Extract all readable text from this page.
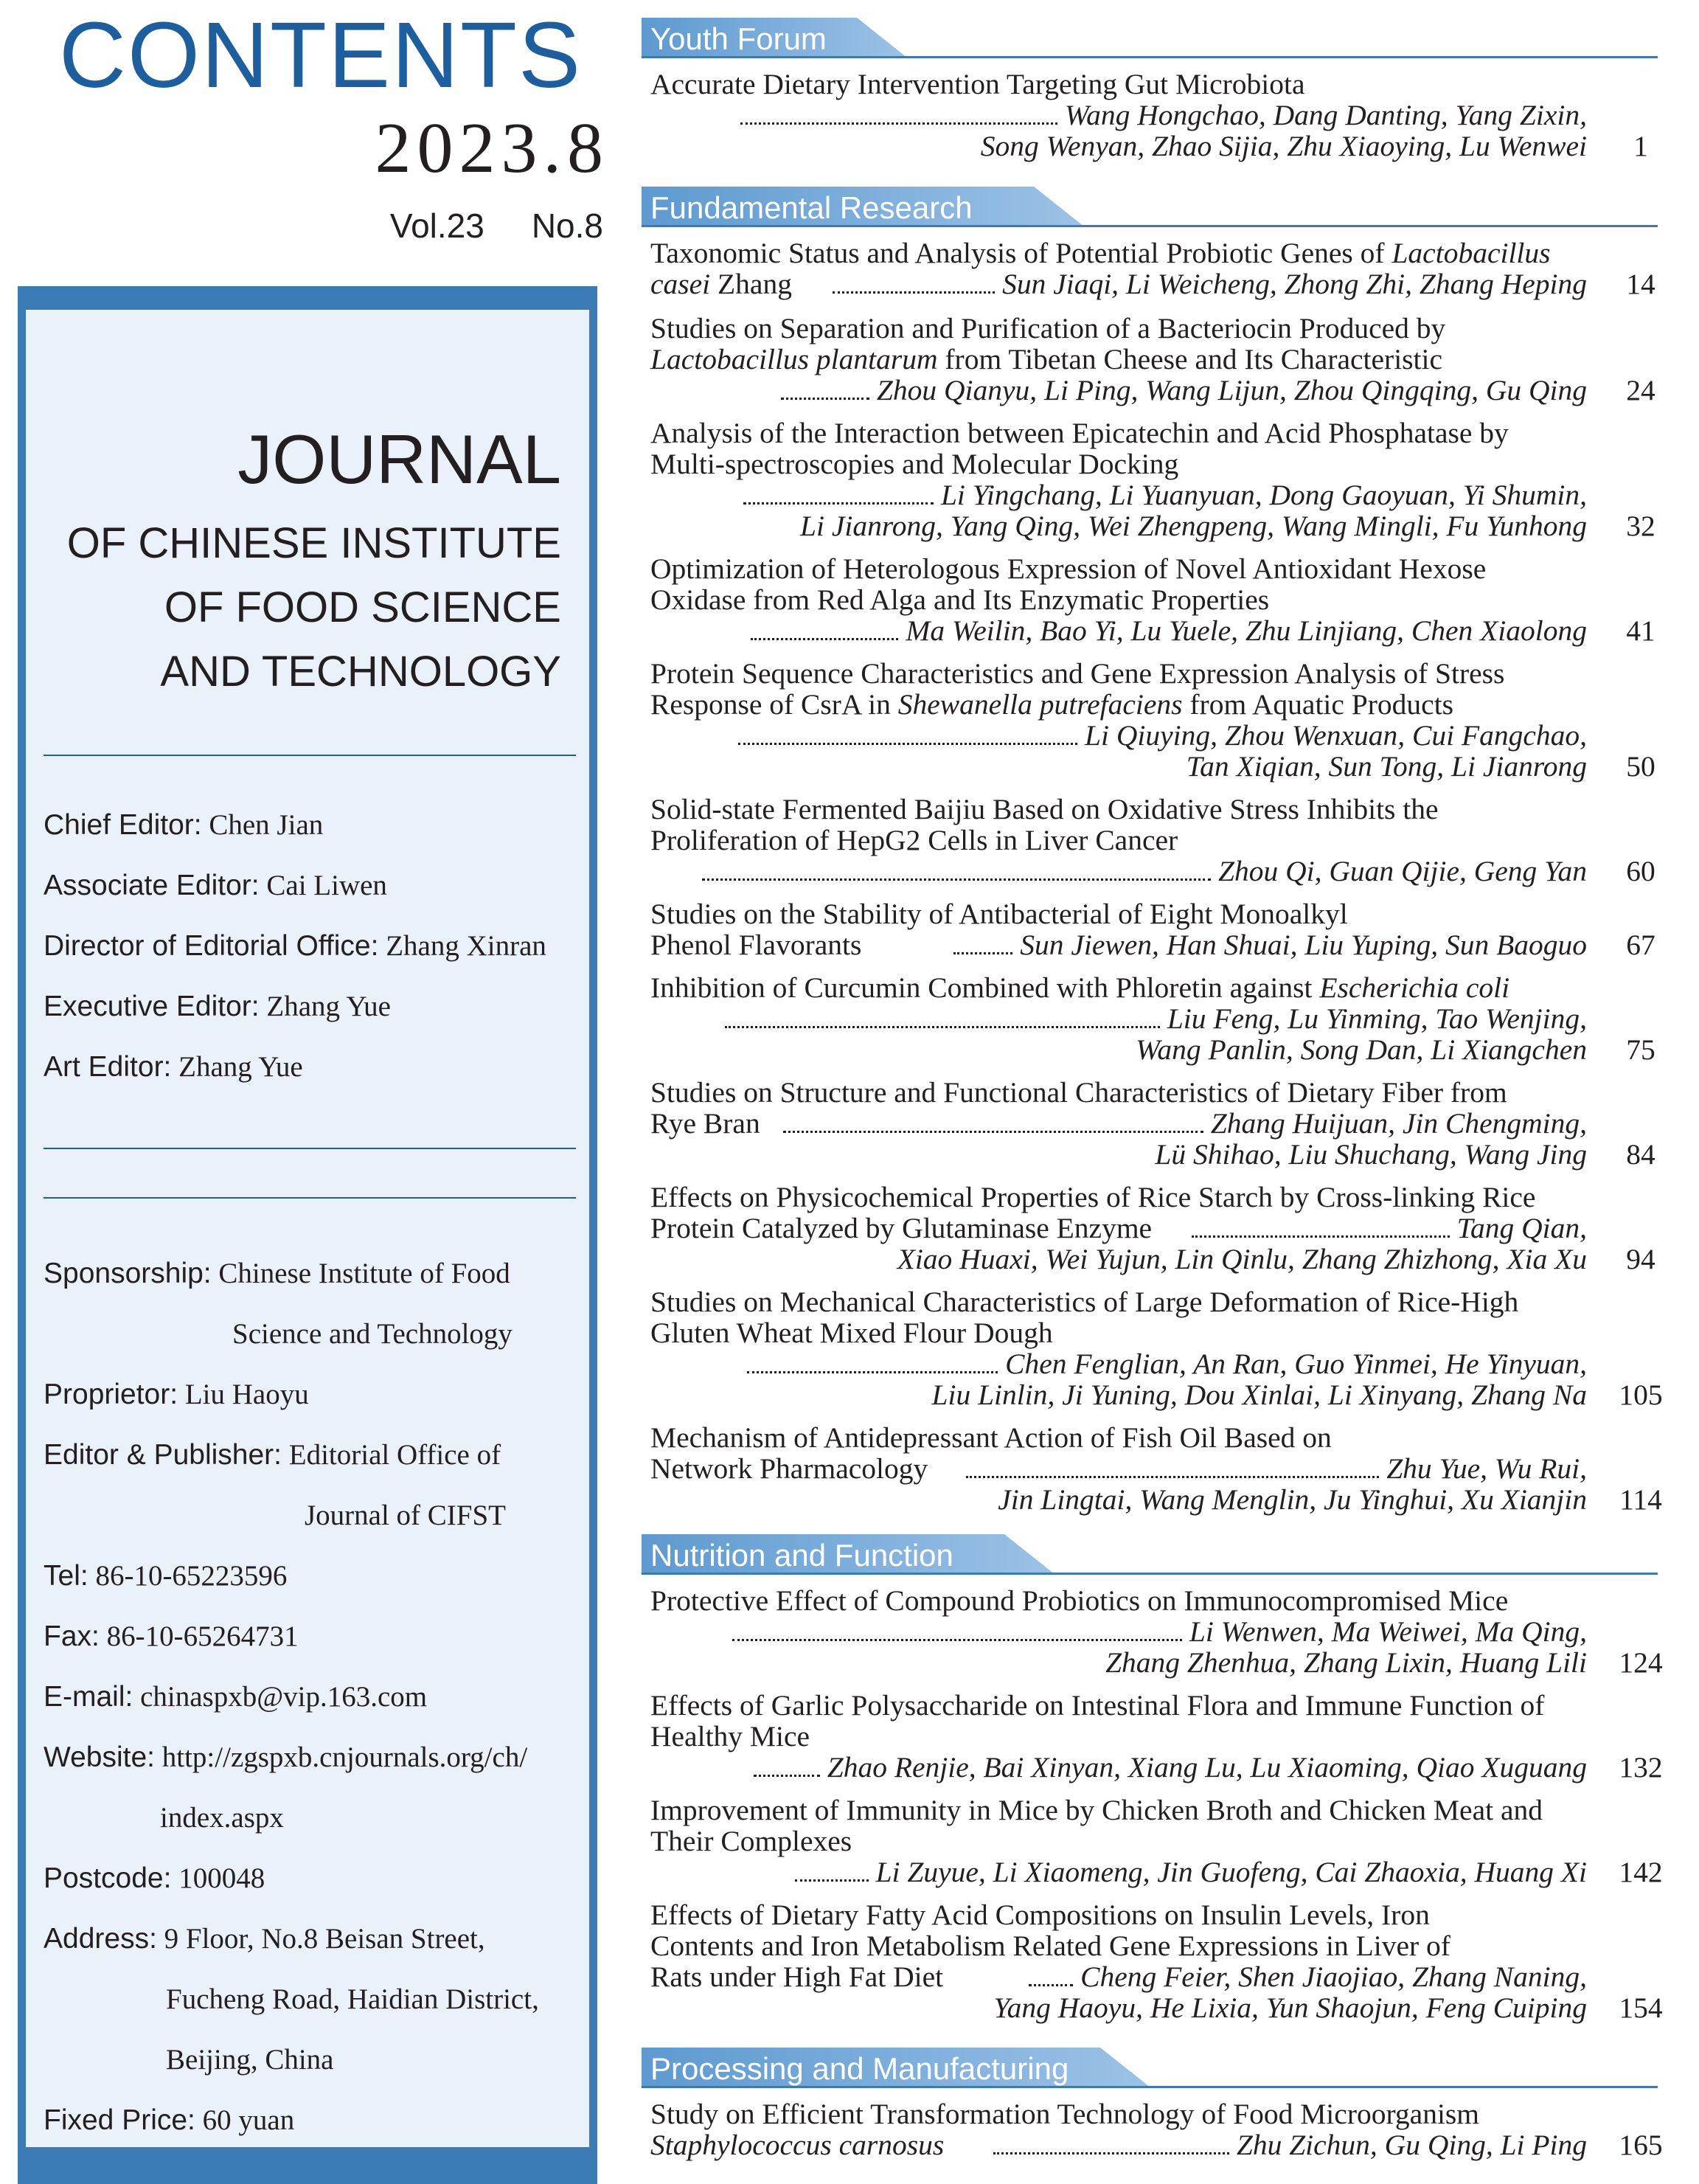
CONTENTS
2023.8
Vol.23 No.8
JOURNAL
OF CHINESE INSTITUTE
OF FOOD SCIENCE
AND TECHNOLOGY
Chief Editor: Chen Jian
Associate Editor: Cai Liwen
Director of Editorial Office: Zhang Xinran
Executive Editor: Zhang Yue
Art Editor: Zhang Yue
Sponsorship: Chinese Institute of Food
Science and Technology
Proprietor: Liu Haoyu
Editor & Publisher: Editorial Office of
Journal of CIFST
Tel: 86-10-65223596
Fax: 86-10-65264731
E-mail: chinaspxb@vip.163.com
Website: http://zgspxb.cnjournals.org/ch/
index.aspx
Postcode: 100048
Address: 9 Floor, No.8 Beisan Street,
Fucheng Road, Haidian District,
Beijing, China
Fixed Price: 60 yuan
Youth Forum
Accurate Dietary Intervention Targeting Gut Microbiota
Wang Hongchao, Dang Danting, Yang Zixin,
Song Wenyan, Zhao Sijia, Zhu Xiaoying, Lu Wenwei	1
Fundamental Research
Taxonomic Status and Analysis of Potential Probiotic Genes of Lactobacillus
casei Zhang	Sun Jiaqi, Li Weicheng, Zhong Zhi, Zhang Heping	14
Studies on Separation and Purification of a Bacteriocin Produced by
Lactobacillus plantarum from Tibetan Cheese and Its Characteristic
Zhou Qianyu, Li Ping, Wang Lijun, Zhou Qingqing, Gu Qing	24
Analysis of the Interaction between Epicatechin and Acid Phosphatase by
Multi-spectroscopies and Molecular Docking
Li Yingchang, Li Yuanyuan, Dong Gaoyuan, Yi Shumin,
Li Jianrong, Yang Qing, Wei Zhengpeng, Wang Mingli, Fu Yunhong	32
Optimization of Heterologous Expression of Novel Antioxidant Hexose
Oxidase from Red Alga and Its Enzymatic Properties
Ma Weilin, Bao Yi, Lu Yuele, Zhu Linjiang, Chen Xiaolong	41
Protein Sequence Characteristics and Gene Expression Analysis of Stress
Response of CsrA in Shewanella putrefaciens from Aquatic Products
Li Qiuying, Zhou Wenxuan, Cui Fangchao,
Tan Xiqian, Sun Tong, Li Jianrong	50
Solid-state Fermented Baijiu Based on Oxidative Stress Inhibits the
Proliferation of HepG2 Cells in Liver Cancer
Zhou Qi, Guan Qijie, Geng Yan	60
Studies on the Stability of Antibacterial of Eight Monoalkyl
Phenol Flavorants	Sun Jiewen, Han Shuai, Liu Yuping, Sun Baoguo	67
Inhibition of Curcumin Combined with Phloretin against Escherichia coli
Liu Feng, Lu Yinming, Tao Wenjing,
Wang Panlin, Song Dan, Li Xiangchen	75
Studies on Structure and Functional Characteristics of Dietary Fiber from
Rye Bran	Zhang Huijuan, Jin Chengming,
Lü Shihao, Liu Shuchang, Wang Jing	84
Effects on Physicochemical Properties of Rice Starch by Cross-linking Rice
Protein Catalyzed by Glutaminase Enzyme	Tang Qian,
Xiao Huaxi, Wei Yujun, Lin Qinlu, Zhang Zhizhong, Xia Xu	94
Studies on Mechanical Characteristics of Large Deformation of Rice-High
Gluten Wheat Mixed Flour Dough
Chen Fenglian, An Ran, Guo Yinmei, He Yinyuan,
Liu Linlin, Ji Yuning, Dou Xinlai, Li Xinyang, Zhang Na 105
Mechanism of Antidepressant Action of Fish Oil Based on
Network Pharmacology	Zhu Yue, Wu Rui,
Jin Lingtai, Wang Menglin, Ju Yinghui, Xu Xianjin 114
Nutrition and Function
Protective Effect of Compound Probiotics on Immunocompromised Mice
Li Wenwen, Ma Weiwei, Ma Qing,
Zhang Zhenhua, Zhang Lixin, Huang Lili 124
Effects of Garlic Polysaccharide on Intestinal Flora and Immune Function of
Healthy Mice
Zhao Renjie, Bai Xinyan, Xiang Lu, Lu Xiaoming, Qiao Xuguang 132
Improvement of Immunity in Mice by Chicken Broth and Chicken Meat and
Their Complexes
Li Zuyue, Li Xiaomeng, Jin Guofeng, Cai Zhaoxia, Huang Xi 142
Effects of Dietary Fatty Acid Compositions on Insulin Levels, Iron
Contents and Iron Metabolism Related Gene Expressions in Liver of
Rats under High Fat Diet	Cheng Feier, Shen Jiaojiao, Zhang Naning,
Yang Haoyu, He Lixia, Yun Shaojun, Feng Cuiping 154
Processing and Manufacturing
Study on Efficient Transformation Technology of Food Microorganism
Staphylococcus carnosus	Zhu Zichun, Gu Qing, Li Ping 165
